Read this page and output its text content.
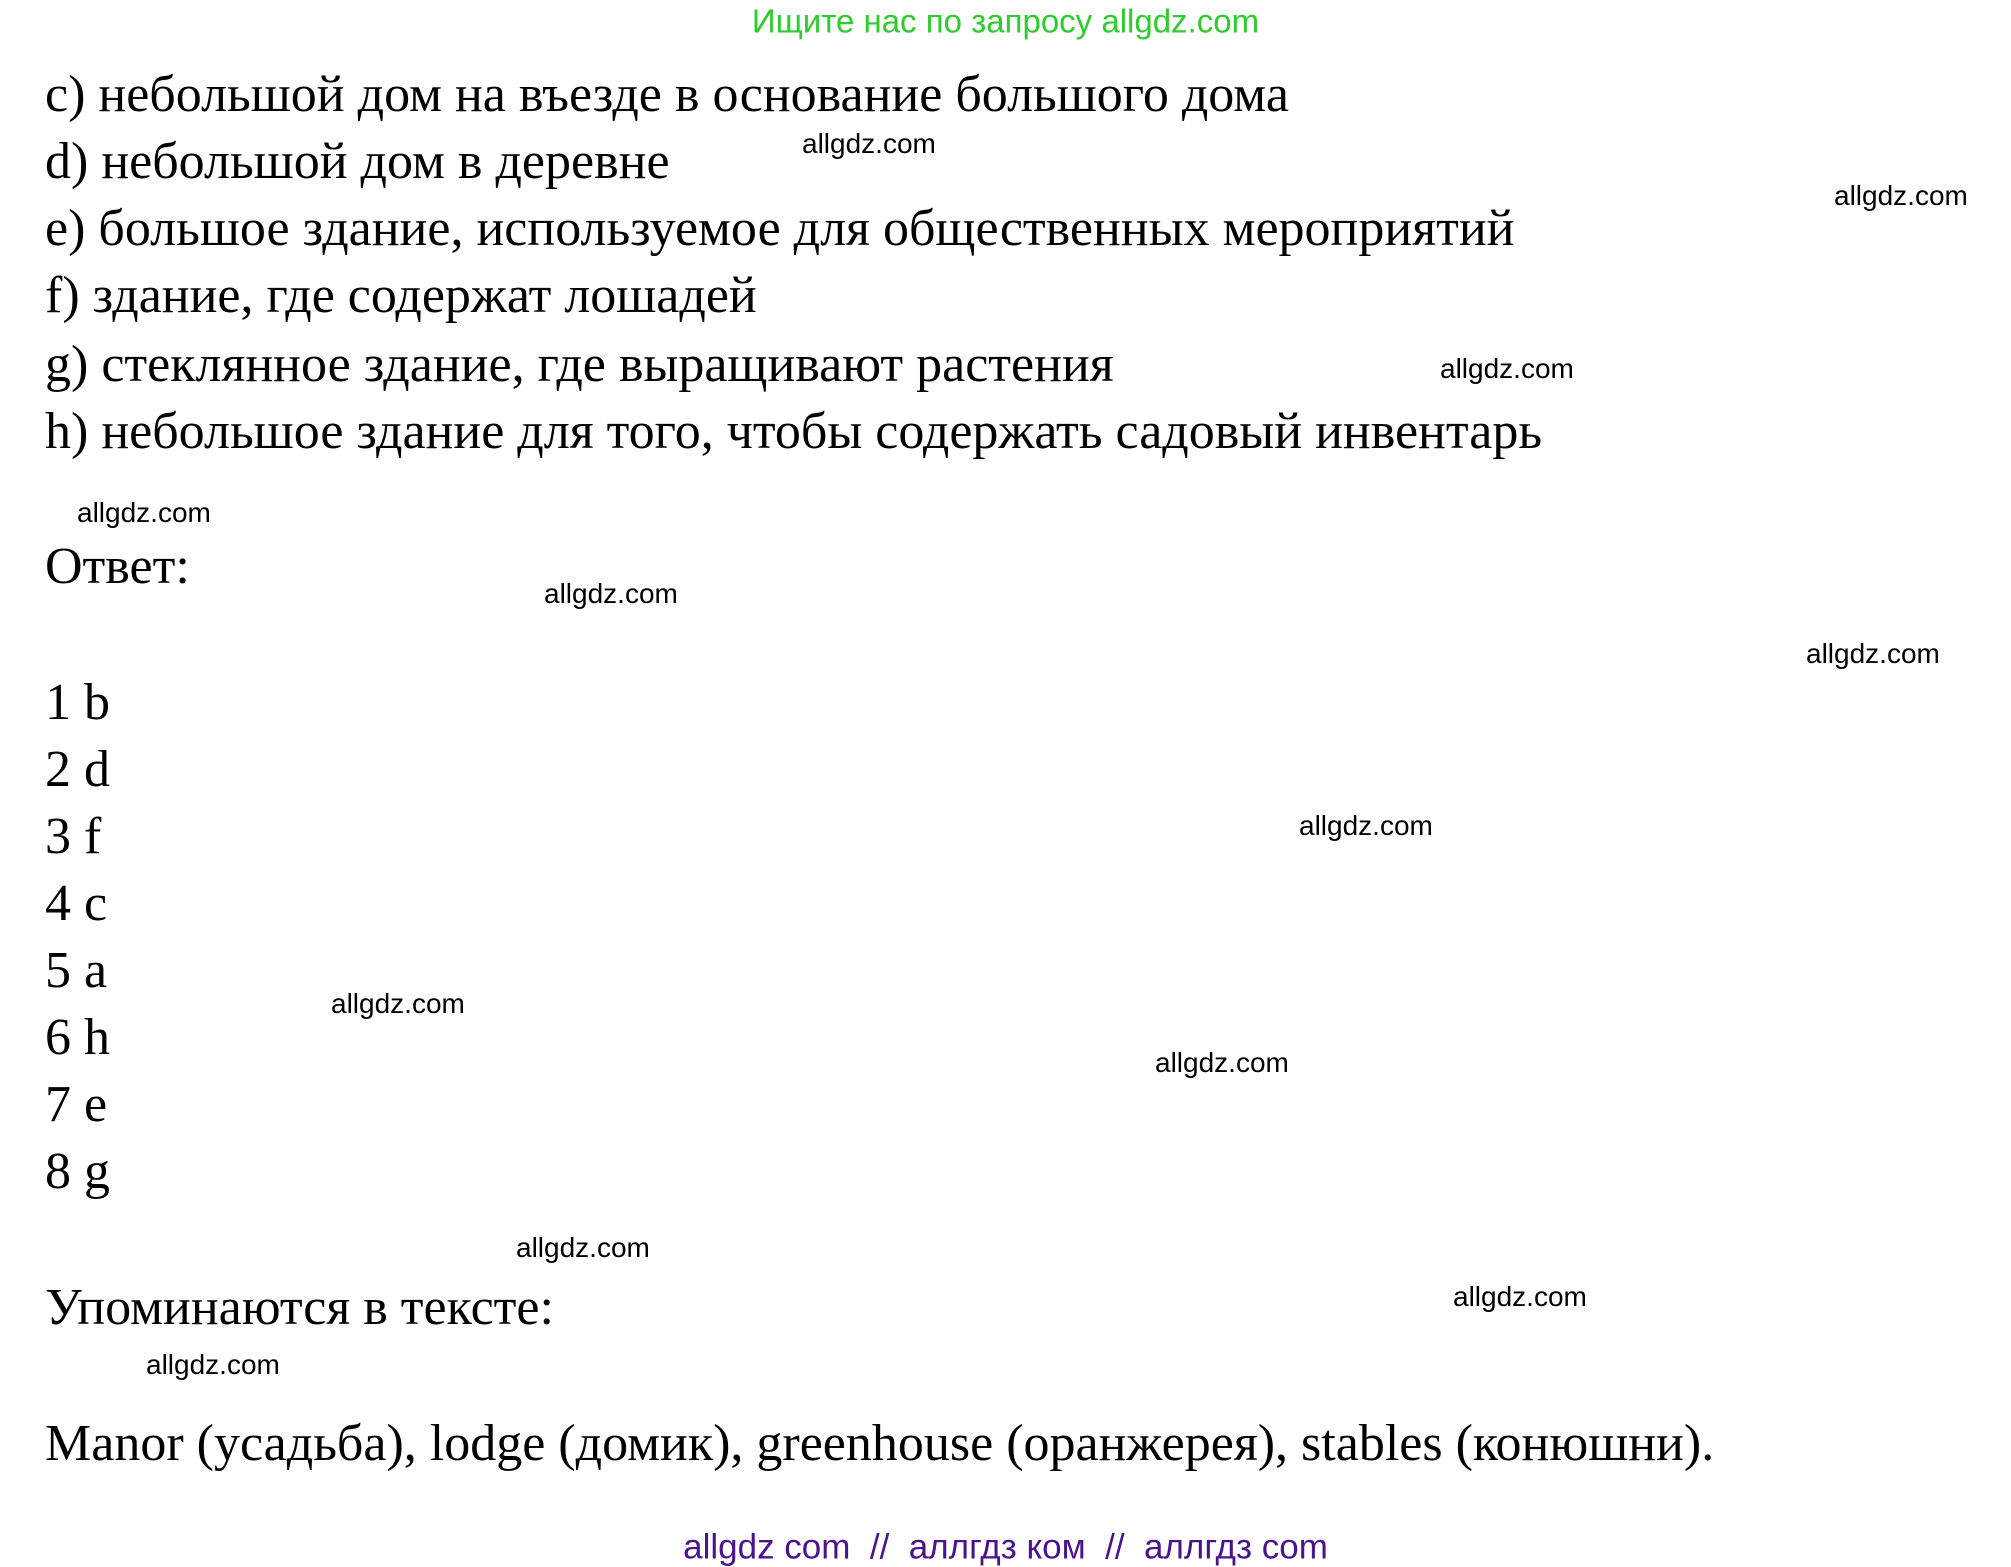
Ищите нас по запросу allgdz.com
c) небольшой дом на въезде в основание большого дома
d) небольшой дом в деревне
e) большое здание, используемое для общественных мероприятий
f) здание, где содержат лошадей
g) стеклянное здание, где выращивают растения
h) небольшое здание для того, чтобы содержать садовый инвентарь
Ответ:
1 b
2 d
3 f
4 c
5 a
6 h
7 e
8 g
Упоминаются в тексте:
Manor (усадьба), lodge (домик), greenhouse (оранжерея), stables (конюшни).
allgdz.com
allgdz.com
allgdz.com
allgdz.com
allgdz.com
allgdz.com
allgdz.com
allgdz.com
allgdz.com
allgdz.com
allgdz.com
allgdz.com
allgdz com  //  аллгдз ком  //  аллгдз com
